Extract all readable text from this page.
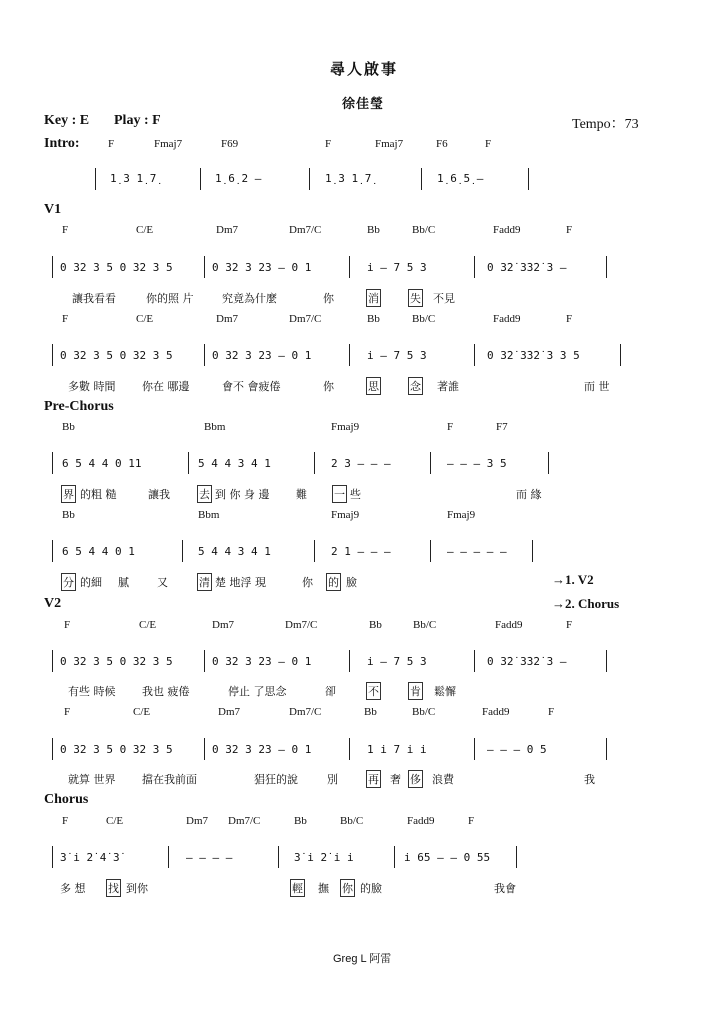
尋人啟事
徐佳瑩
Key : E Play : F	Tempo：73
Intro:	F	Fmaj7	F69	F	Fmaj7	F6	F
1̣ 3 1̣ 7̣	1̣ 6̣ 2 –	1̣ 3 1̣ 7̣	1̣ 6̣ 5̣ –
V1
F	C/E	Dm7	Dm7/C	Bb	Bb/C	Fadd9	F
0 32 3 5 0 32 3 5	0 32 3 23 – 0 1	i – 7 5 3	0 3̇2̇ 3̇3̇2̇ 3 –
讓我看看	你的照 片	究竟為什麼	你	消	失 不見
F	C/E	Dm7	Dm7/C	Bb	Bb/C	Fadd9	F
0 32 3 5 0 32 3 5	0 32 3 23 – 0 1	i – 7 5 3	0 3̇2̇ 3̇3̇2̇ 3 3 5
多數 時間 你在 哪邊	會不 會疲倦	你	思	念 著誰	而 世
Pre-Chorus
Bb	Bbm	Fmaj9	F	F7
6 5 4 4 0 11	5 4 4 3 4 1	2 3 – – –	– – – 3 5
界 的粗 糙	讓我	去 到 你 身 邊 難 一 些	而 緣
Bb	Bbm	Fmaj9	Fmaj9
6 5 4 4 0 1	5 4 4 3 4 1	2 1 – – –	– – – – –
分 的細 膩	又	清 楚 地浮 現	你 的 臉	→1. V2
V2	→2. Chorus
F	C/E	Dm7	Dm7/C	Bb	Bb/C	Fadd9	F
0 32 3 5 0 32 3 5	0 32 3 23 – 0 1	i – 7 5 3	0 3̇2̇ 3̇3̇2̇ 3 –
有些 時候 我也 疲倦	停止 了思念	卻	不	肯 鬆懈
F	C/E	Dm7	Dm7/C	Bb	Bb/C	Fadd9	F
0 32 3 5 0 32 3 5	0 32 3 23 – 0 1	1 i 7 i i	– – – 0 5
就算 世界 擋在我前面	猖狂的說	別	再 奢 侈 浪費	我
Chorus
F	C/E	Dm7 Dm7/C	Bb	Bb/C	Fadd9	F
3̇ i 2̇ 4̇ 3̇	– – – –	3̇ i 2̇ i i	i 65 – – 0 55
多 想 找 到你	輕 撫 你 的臉	我會
Greg L 阿雷
